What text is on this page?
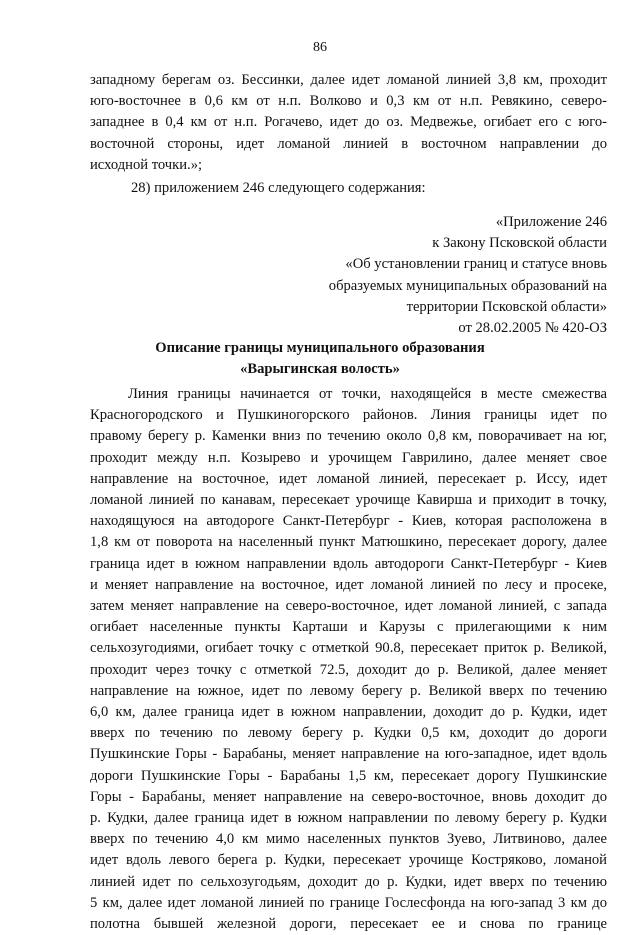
86
западному берегам оз. Бессинки, далее идет ломаной линией 3,8 км, проходит
юго-восточнее в 0,6 км от н.п. Волково и 0,3 км от н.п. Ревякино, северо-
западнее в 0,4 км от н.п. Рогачево, идет до оз. Медвежье, огибает его с юго-
восточной стороны, идет ломаной линией в восточном направлении до
исходной точки.»;
28) приложением 246 следующего содержания:
«Приложение 246
к Закону Псковской области
«Об установлении границ и статусе вновь
образуемых муниципальных образований на
территории Псковской области»
от 28.02.2005 № 420-ОЗ
Описание границы муниципального образования
«Варыгинская волость»
Линия границы начинается от точки, находящейся в месте смежества
Красногородского и Пушкиногорского районов. Линия границы идет по
правому берегу р. Каменки вниз по течению около 0,8 км, поворачивает на юг,
проходит между н.п. Козырево и урочищем Гаврилино, далее меняет свое
направление на восточное, идет ломаной линией, пересекает р. Иссу, идет
ломаной линией по канавам, пересекает урочище Кавирша и приходит в точку,
находящуюся на автодороге Санкт-Петербург - Киев, которая расположена в
1,8 км от поворота на населенный пункт Матюшкино, пересекает дорогу, далее
граница идет в южном направлении вдоль автодороги Санкт-Петербург - Киев
и меняет направление на восточное, идет ломаной линией по лесу и просеке,
затем меняет направление на северо-восточное, идет ломаной линией, с запада
огибает населенные пункты Карташи и Карузы с прилегающими к ним
сельхозугодиями, огибает точку с отметкой 90.8, пересекает приток р. Великой,
проходит через точку с отметкой 72.5, доходит до р. Великой, далее меняет
направление на южное, идет по левому берегу р. Великой вверх по течению
6,0 км, далее граница идет в южном направлении, доходит до р. Кудки, идет
вверх по течению по левому берегу р. Кудки 0,5 км, доходит до дороги
Пушкинские Горы - Барабаны, меняет направление на юго-западное, идет вдоль
дороги Пушкинские Горы - Барабаны 1,5 км, пересекает дорогу Пушкинские
Горы - Барабаны, меняет направление на северо-восточное, вновь доходит до
р. Кудки, далее граница идет в южном направлении по левому берегу р. Кудки
вверх по течению 4,0 км мимо населенных пунктов Зуево, Литвиново, далее
идет вдоль левого берега р. Кудки, пересекает урочище Костряково, ломаной
линией идет по сельхозугодьям, доходит до р. Кудки, идет вверх по течению
5 км, далее идет ломаной линией по границе Гослесфонда на юго-запад 3 км до
полотна бывшей железной дороги, пересекает ее и снова по границе
